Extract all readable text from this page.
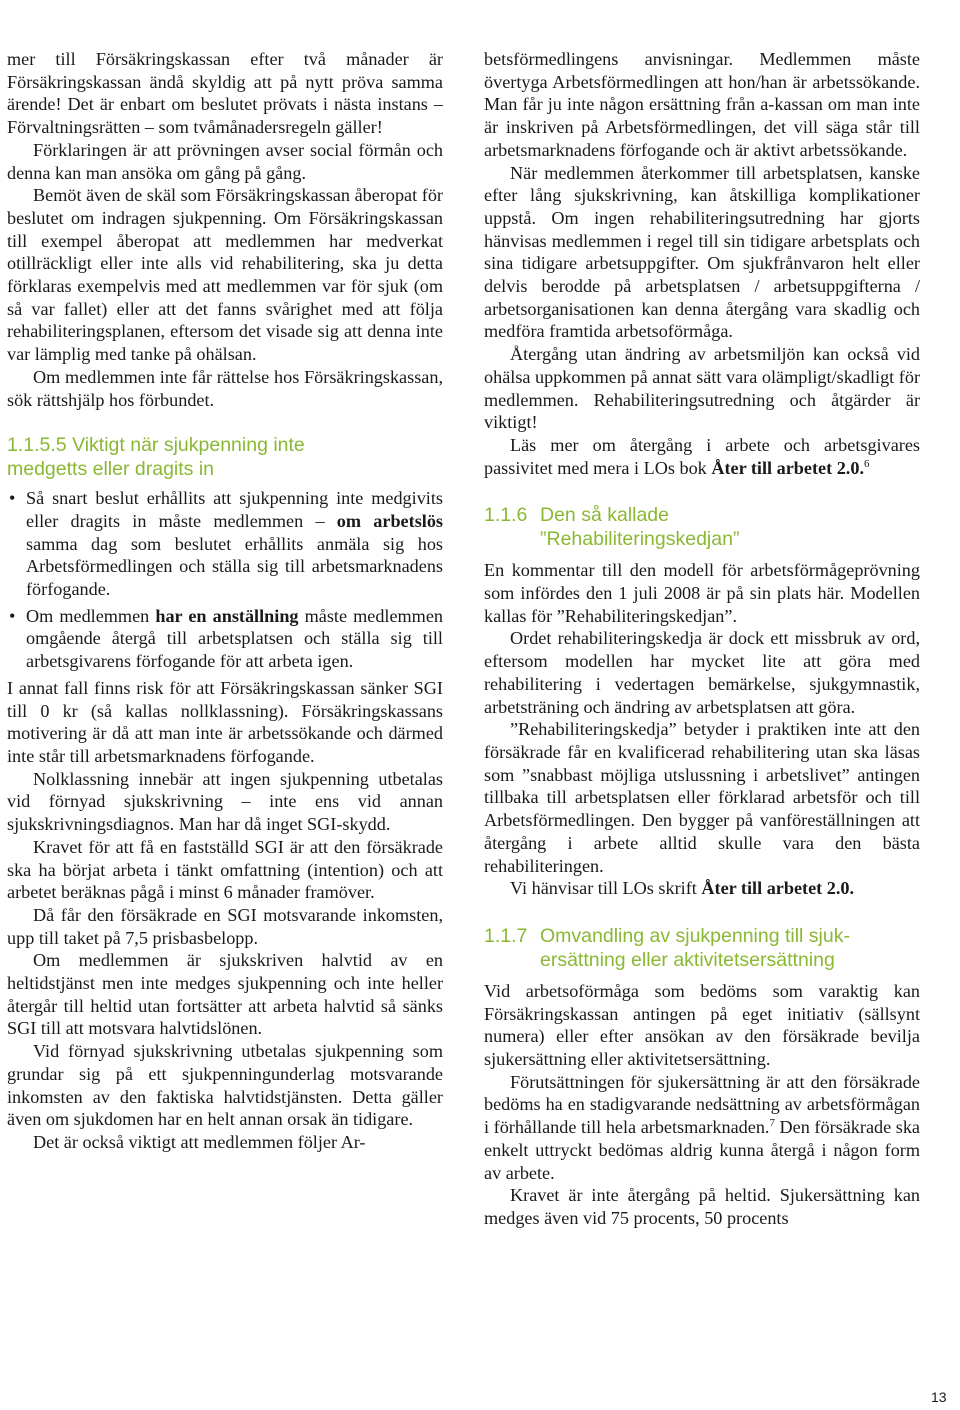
mer till Försäkringskassan efter två månader är Försäkringskassan ändå skyldig att på nytt pröva samma ärende! Det är enbart om beslutet prövats i nästa instans – Förvaltningsrätten – som tvåmånadersregeln gäller!

Förklaringen är att prövningen avser social förmån och denna kan man ansöka om gång på gång.

Bemöt även de skäl som Försäkringskassan åberopat för beslutet om indragen sjukpenning. Om Försäkringskassan till exempel åberopat att medlemmen har medverkat otillräckligt eller inte alls vid rehabilitering, ska ju detta förklaras exempelvis med att medlemmen var för sjuk (om så var fallet) eller att det fanns svårighet med att följa rehabiliteringsplanen, eftersom det visade sig att denna inte var lämplig med tanke på ohälsan.

Om medlemmen inte får rättelse hos Försäkringskassan, sök rättshjälp hos förbundet.

1.1.5.5 Viktigt när sjukpenning inte
medgetts eller dragits in
• Så snart beslut erhållits att sjukpenning inte medgivits eller dragits in måste medlemmen – om arbetslös samma dag som beslutet erhållits anmäla sig hos Arbetsförmedlingen och ställa sig till arbetsmarknadens förfogande.
• Om medlemmen har en anställning måste medlemmen omgående återgå till arbetsplatsen och ställa sig till arbetsgivarens förfogande för att arbeta igen.

I annat fall finns risk för att Försäkringskassan sänker SGI till 0 kr (så kallas nollklassning). Försäkringskassans motivering är då att man inte är arbetssökande och därmed inte står till arbetsmarknadens förfogande.

Nolklassning innebär att ingen sjukpenning utbetalas vid förnyad sjukskrivning – inte ens vid annan sjukskrivningsdiagnos. Man har då inget SGI-skydd.

Kravet för att få en fastställd SGI är att den försäkrade ska ha börjat arbeta i tänkt omfattning (intention) och att arbetet beräknas pågå i minst 6 månader framöver.

Då får den försäkrade en SGI motsvarande inkomsten, upp till taket på 7,5 prisbasbelopp.

Om medlemmen är sjukskriven halvtid av en heltidstjänst men inte medges sjukpenning och inte heller återgår till heltid utan fortsätter att arbeta halvtid så sänks SGI till att motsvara halvtidslönen.

Vid förnyad sjukskrivning utbetalas sjukpenning som grundar sig på ett sjukpenningunderlag motsvarande inkomsten av den faktiska halvtidstjänsten. Detta gäller även om sjukdomen har en helt annan orsak än tidigare.

Det är också viktigt att medlemmen följer Ar-

betsförmedlingens anvisningar. Medlemmen måste övertyga Arbetsförmedlingen att hon/han är arbetssökande. Man får ju inte någon ersättning från a-kassan om man inte är inskriven på Arbetsförmedlingen, det vill säga står till arbetsmarknadens förfogande och är aktivt arbetssökande.

När medlemmen återkommer till arbetsplatsen, kanske efter lång sjukskrivning, kan åtskilliga komplikationer uppstå. Om ingen rehabiliteringsutredning har gjorts hänvisas medlemmen i regel till sin tidigare arbetsplats och sina tidigare arbetsuppgifter. Om sjukfrånvaron helt eller delvis berodde på arbetsplatsen / arbetsuppgifterna / arbetsorganisationen kan denna återgång vara skadlig och medföra framtida arbetsoförmåga.

Återgång utan ändring av arbetsmiljön kan också vid ohälsa uppkommen på annat sätt vara olämpligt/skadligt för medlemmen. Rehabiliteringsutredning och åtgärder är viktigt!

Läs mer om återgång i arbete och arbetsgivares passivitet med mera i LOs bok Åter till arbetet 2.0.$^6$

1.1.6 Den så kallade
”Rehabiliteringskedjan”

En kommentar till den modell för arbetsförmågeprövning som infördes den 1 juli 2008 är på sin plats här. Modellen kallas för ”Rehabiliteringskedjan”.

Ordet rehabiliteringskedja är dock ett missbruk av ord, eftersom modellen har mycket lite att göra med rehabilitering i vedertagen bemärkelse, sjukgymnastik, arbetsträning och ändring av arbetsplatsen att göra.

”Rehabiliteringskedja” betyder i praktiken inte att den försäkrade får en kvalificerad rehabilitering utan ska läsas som ”snabbast möjliga utslussning i arbetslivet” antingen tillbaka till arbetsplatsen eller förklarad arbetsför och till Arbetsförmedlingen. Den bygger på vanföreställningen att återgång i arbete alltid skulle vara den bästa rehabiliteringen.

Vi hänvisar till LOs skrift Åter till arbetet 2.0.

1.1.7 Omvandling av sjukpenning till sjuk-
ersättning eller aktivitetsersättning

Vid arbetsoförmåga som bedöms som varaktig kan Försäkringskassan antingen på eget initiativ (sällsynt numera) eller efter ansökan av den försäkrade bevilja sjukersättning eller aktivitetsersättning.

Förutsättningen för sjukersättning är att den försäkrade bedöms ha en stadigvarande nedsättning av arbetsförmågan i förhållande till hela arbetsmarknaden.$^7$ Den försäkrade ska enkelt uttryckt bedömas aldrig kunna återgå i någon form av arbete.

Kravet är inte återgång på heltid. Sjukersättning kan medges även vid 75 procents, 50 procents

13
